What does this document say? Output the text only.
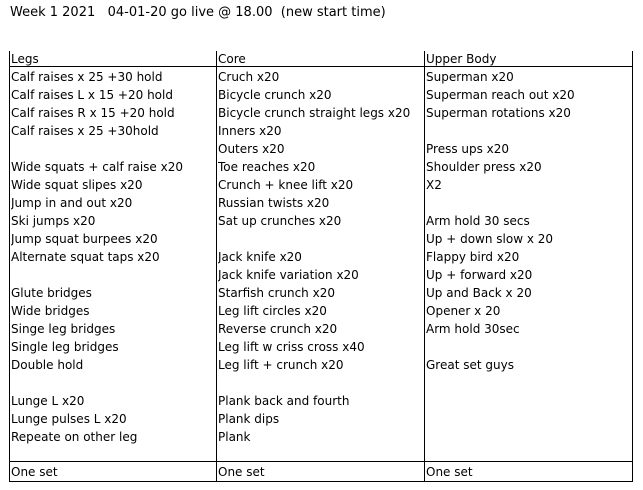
Week 1 2021   04-01-20 go live @ 18.00  (new start time)
Legs
Calf raises x 25 +30 hold
Calf raises L x 15 +20 hold
Calf raises R x 15 +20 hold
Calf raises x 25 +30hold
Wide squats + calf raise x20
Wide squat slipes x20
Jump in and out x20
Ski jumps x20
Jump squat burpees x20
Alternate squat taps x20
Glute bridges
Wide bridges
Singe leg bridges
Single leg bridges
Double hold
Lunge L x20
Lunge pulses L x20
Repeate on other leg
Core
Cruch x20
Bicycle crunch x20
Bicycle crunch straight legs x20
Inners x20
Outers x20
Toe reaches x20
Crunch + knee lift x20
Russian twists x20
Sat up crunches x20
Jack knife x20
Jack knife variation x20
Starfish crunch x20
Leg lift circles x20
Reverse crunch x20
Leg lift w criss cross x40
Leg lift + crunch x20
Plank back and fourth
Plank dips
Plank
Upper Body
Superman x20
Superman reach out x20
Superman rotations x20
Press ups x20
Shoulder press x20
X2
Arm hold 30 secs
Up + down slow x 20
Flappy bird x20
Up + forward x20
Up and Back x 20
Opener x 20
Arm hold 30sec
Great set guys
One set	One set	One set
